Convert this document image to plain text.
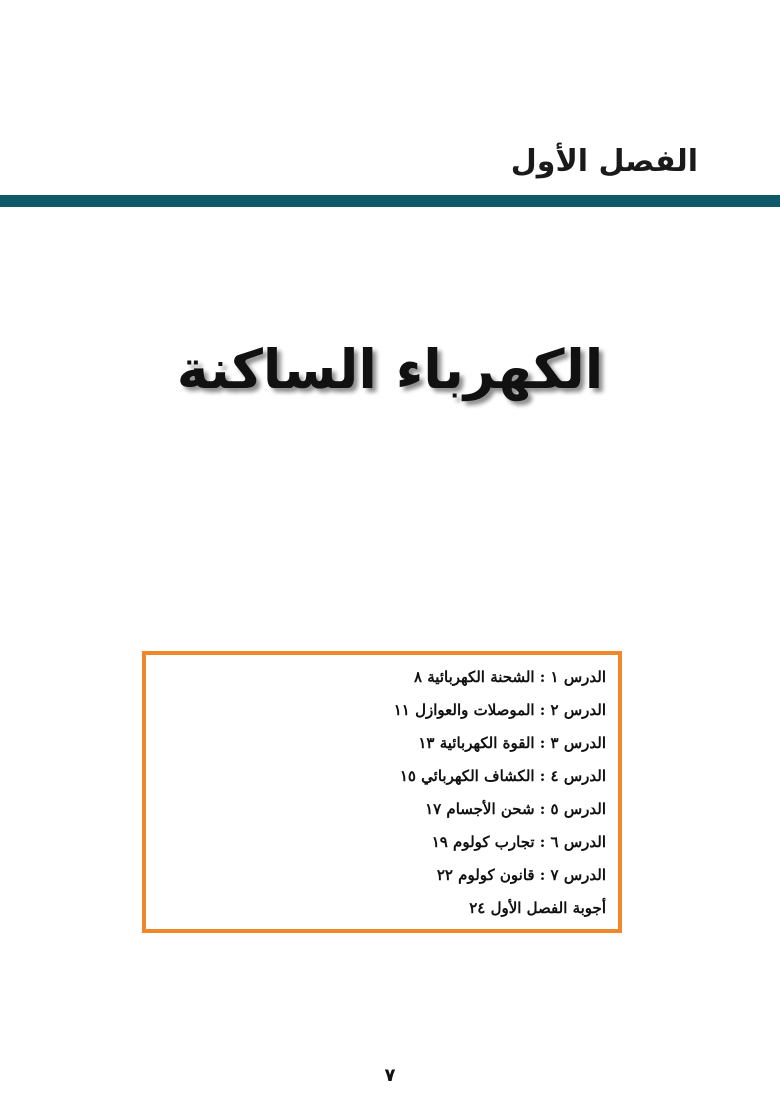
الفصل الأول
الكهرباء الساكنة
الدرس ١ : الشحنة الكهربائية ٨
الدرس ٢ : الموصلات والعوازل ١١
الدرس ٣ : القوة الكهربائية ١٣
الدرس ٤ : الكشاف الكهربائي ١٥
الدرس ٥ : شحن الأجسام ١٧
الدرس ٦ : تجارب كولوم ١٩
الدرس ٧ : قانون كولوم ٢٢
أجوبة الفصل الأول ٢٤
٧
